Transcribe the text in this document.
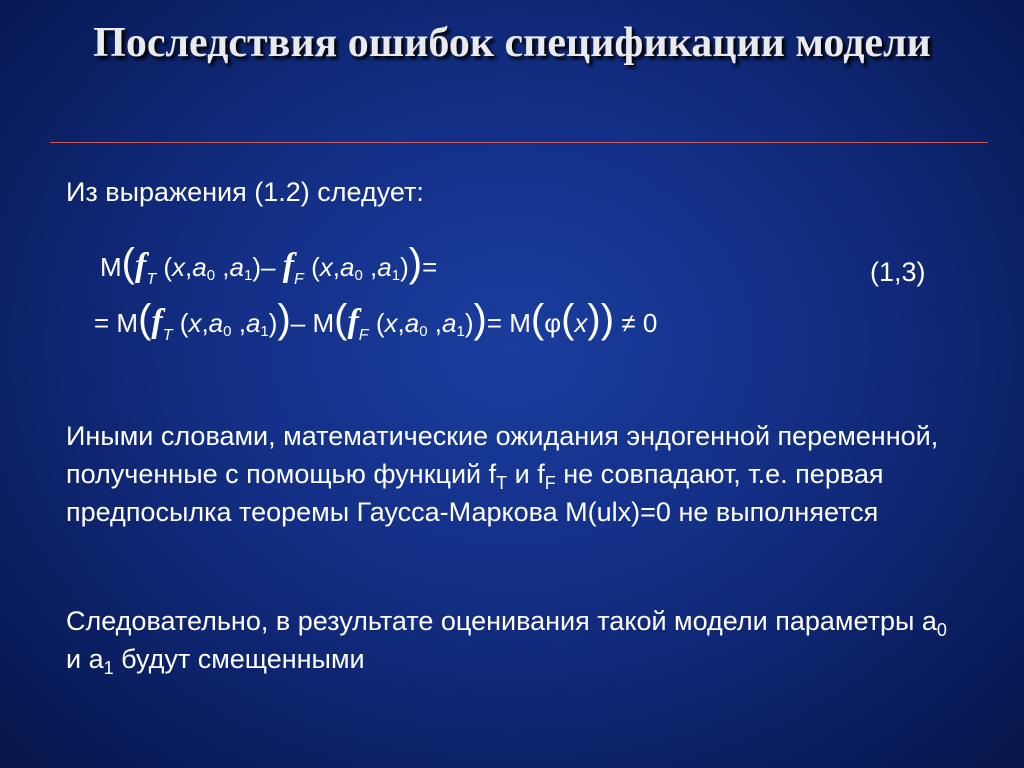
Последствия ошибок спецификации модели
Из выражения (1.2) следует:
$M(f_T$ (x,a0 ,a1)– $f_F$ (x,a0 ,a1))=
= $M(f_T$ (x,a0 ,a1))– $M(f_F$ (x,a0 ,a1))= M(φ(x)) ≠ 0
(1,3)
Иными словами, математические ожидания эндогенной переменной, полученные с помощью функций $f_T$ и $f_F$ не совпадают, т.е. первая предпосылка теоремы Гаусса-Маркова M(ulx)=0 не выполняется
Следовательно, в результате оценивания такой модели параметры $a_0$ и $a_1$ будут смещенными
